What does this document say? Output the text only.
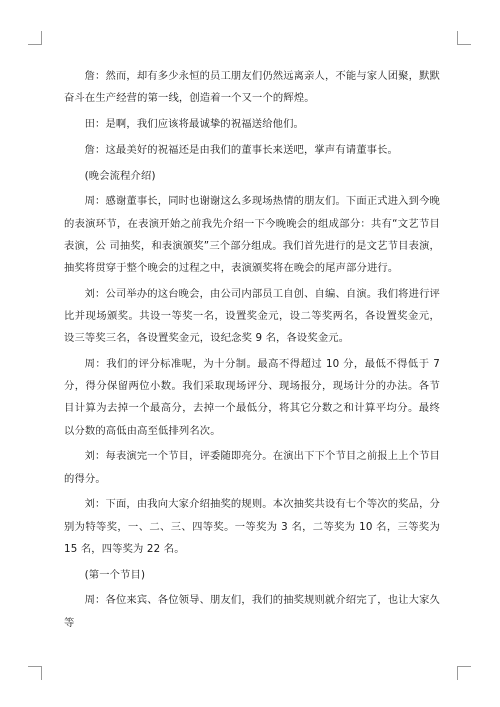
詹：然而，却有多少永恒的员工朋友们仍然远离亲人，不能与家人团聚，默默奋斗在生产经营的第一线，创造着一个又一个的辉煌。

田：是啊，我们应该将最诚挚的祝福送给他们。

詹：这最美好的祝福还是由我们的董事长来送吧，掌声有请董事长。

(晚会流程介绍)

周：感谢董事长，同时也谢谢这么多现场热情的朋友们。下面正式进入到今晚的表演环节，在表演开始之前我先介绍一下今晚晚会的组成部分：共有“文艺节目表演，公 司抽奖，和表演颁奖”三个部分组成。我们首先进行的是文艺节目表演，抽奖将贯穿于整个晚会的过程之中，表演颁奖将在晚会的尾声部分进行。

刘：公司举办的这台晚会，由公司内部员工自创、自编、自演。我们将进行评比并现场颁奖。共设一等奖一名，设置奖金元，设二等奖两名，各设置奖金元，设三等奖三名，各设置奖金元，设纪念奖 9 名，各设奖金元。

周：我们的评分标准呢，为十分制。最高不得超过 10 分，最低不得低于 7 分，得分保留两位小数。我们采取现场评分、现场报分，现场计分的办法。各节目计算为去掉一个最高分，去掉一个最低分，将其它分数之和计算平均分。最终以分数的高低由高至低排列名次。

刘：每表演完一个节目，评委随即亮分。在演出下下个节目之前报上上个节目的得分。

刘：下面，由我向大家介绍抽奖的规则。本次抽奖共设有七个等次的奖品，分别为特等奖，一、二、三、四等奖。一等奖为 3 名，二等奖为 10 名，三等奖为 15 名，四等奖为 22 名。

(第一个节目)

周：各位来宾、各位领导、朋友们，我们的抽奖规则就介绍完了，也让大家久等
